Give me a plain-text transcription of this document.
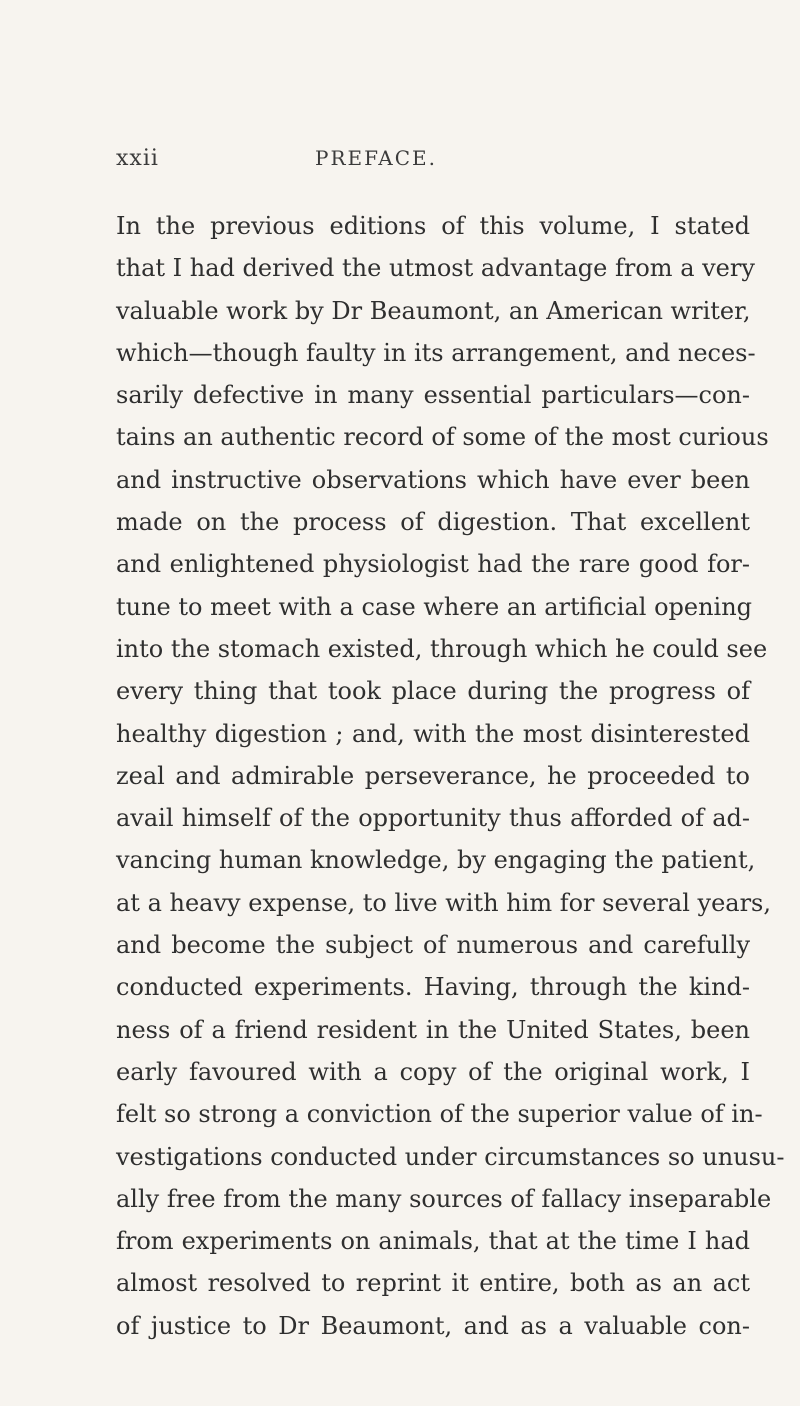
xxii	PREFACE.
In the previous editions of this volume, I stated
that I had derived the utmost advantage from a very
valuable work by Dr Beaumont, an American writer,
which—though faulty in its arrangement, and neces-
sarily defective in many essential particulars—con-
tains an authentic record of some of the most curious
and instructive observations which have ever been
made on the process of digestion. That excellent
and enlightened physiologist had the rare good for-
tune to meet with a case where an artificial opening
into the stomach existed, through which he could see
every thing that took place during the progress of
healthy digestion ; and, with the most disinterested
zeal and admirable perseverance, he proceeded to
avail himself of the opportunity thus afforded of ad-
vancing human knowledge, by engaging the patient,
at a heavy expense, to live with him for several years,
and become the subject of numerous and carefully
conducted experiments. Having, through the kind-
ness of a friend resident in the United States, been
early favoured with a copy of the original work, I
felt so strong a conviction of the superior value of in-
vestigations conducted under circumstances so unusu-
ally free from the many sources of fallacy inseparable
from experiments on animals, that at the time I had
almost resolved to reprint it entire, both as an act
of justice to Dr Beaumont, and as a valuable con-
